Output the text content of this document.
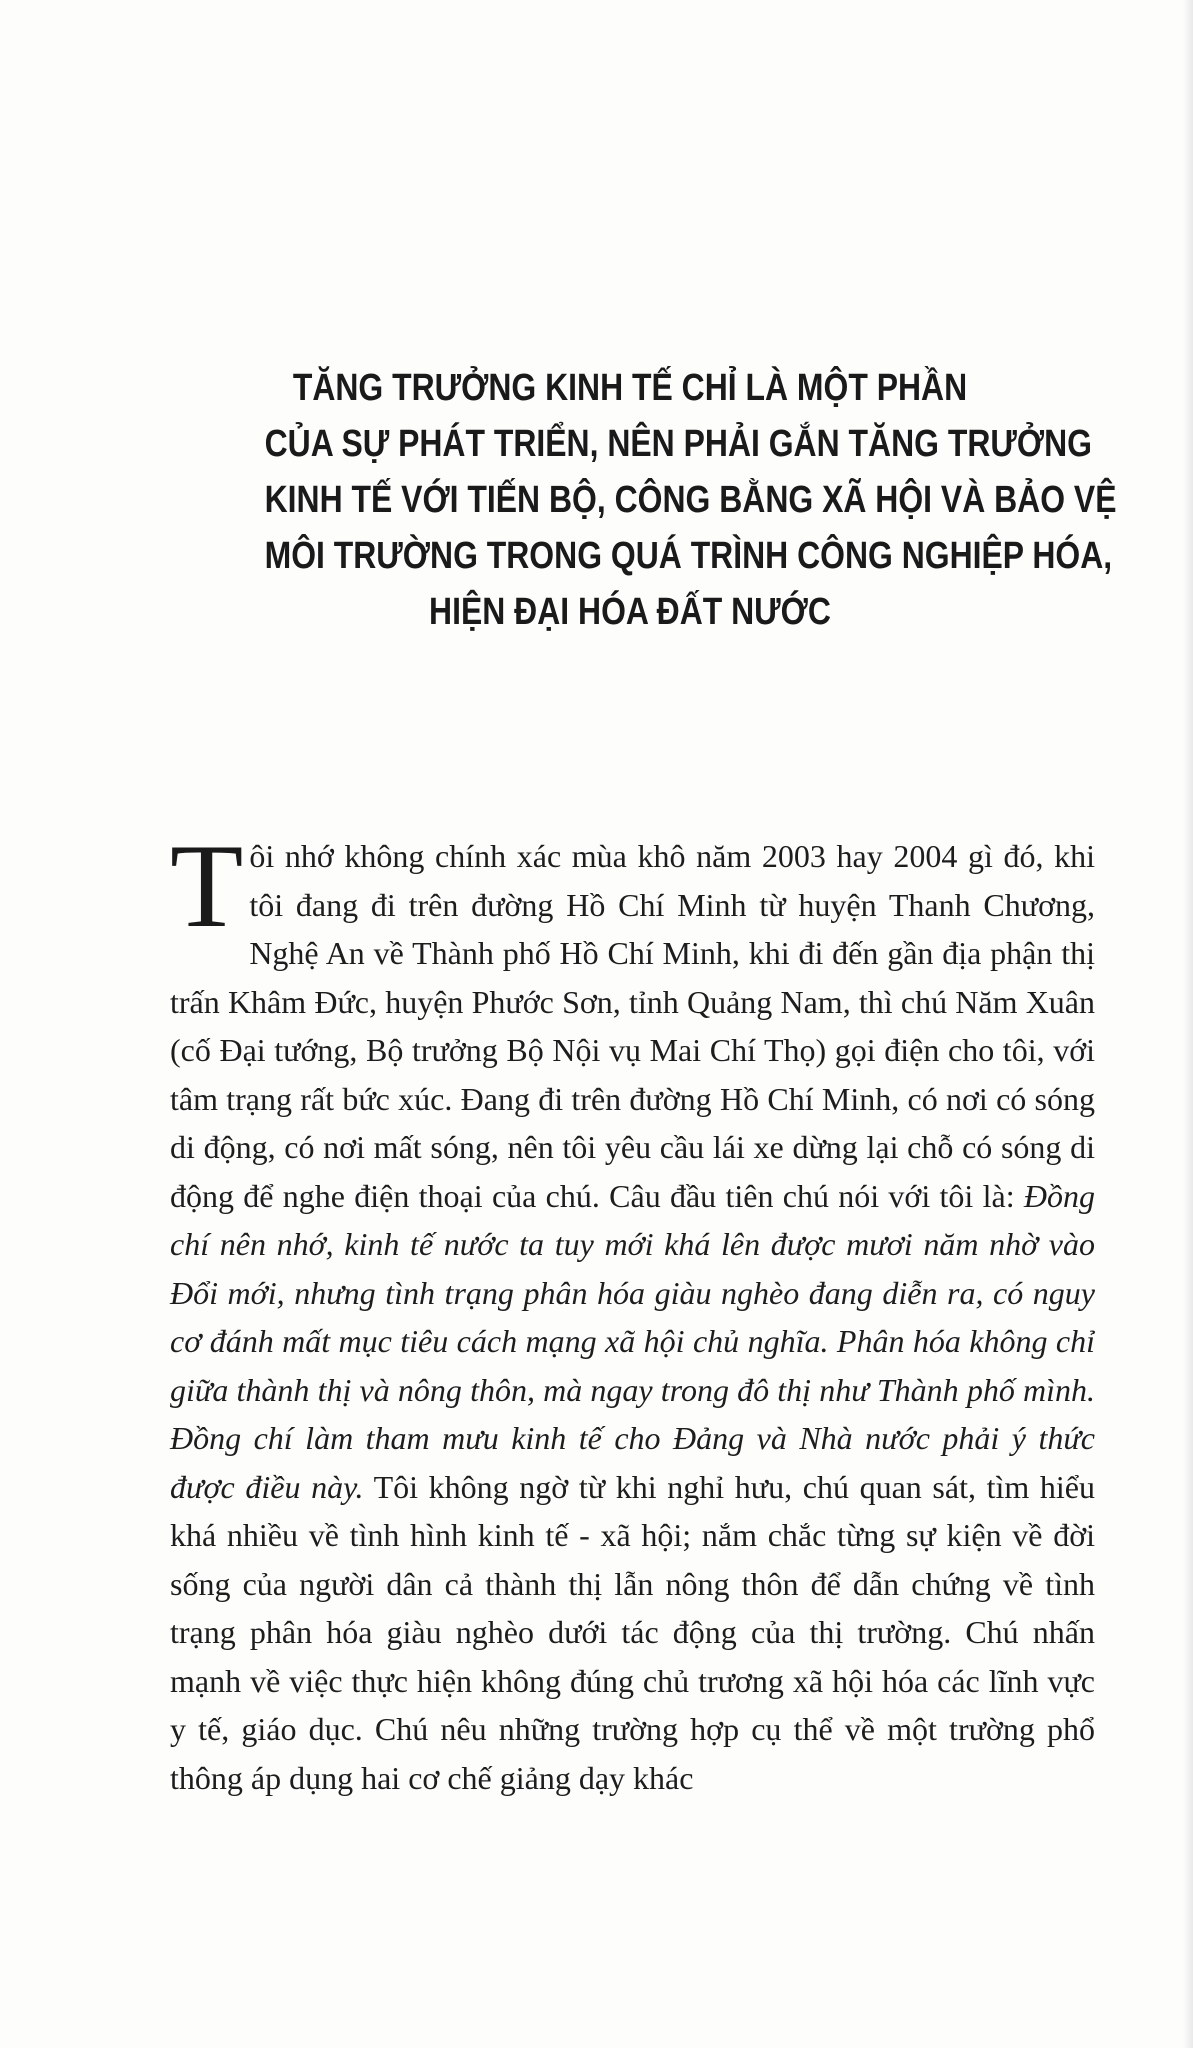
TĂNG TRƯỞNG KINH TẾ CHỈ LÀ MỘT PHẦN
CỦA SỰ PHÁT TRIỂN, NÊN PHẢI GẮN TĂNG TRƯỞNG
KINH TẾ VỚI TIẾN BỘ, CÔNG BẰNG XÃ HỘI VÀ BẢO VỆ
MÔI TRƯỜNG TRONG QUÁ TRÌNH CÔNG NGHIỆP HÓA,
HIỆN ĐẠI HÓA ĐẤT NƯỚC

Tôi nhớ không chính xác mùa khô năm 2003 hay 2004 gì đó, khi tôi đang đi trên đường Hồ Chí Minh từ huyện Thanh Chương, Nghệ An về Thành phố Hồ Chí Minh, khi đi đến gần địa phận thị trấn Khâm Đức, huyện Phước Sơn, tỉnh Quảng Nam, thì chú Năm Xuân (cố Đại tướng, Bộ trưởng Bộ Nội vụ Mai Chí Thọ) gọi điện cho tôi, với tâm trạng rất bức xúc. Đang đi trên đường Hồ Chí Minh, có nơi có sóng di động, có nơi mất sóng, nên tôi yêu cầu lái xe dừng lại chỗ có sóng di động để nghe điện thoại của chú. Câu đầu tiên chú nói với tôi là: Đồng chí nên nhớ, kinh tế nước ta tuy mới khá lên được mươi năm nhờ vào Đổi mới, nhưng tình trạng phân hóa giàu nghèo đang diễn ra, có nguy cơ đánh mất mục tiêu cách mạng xã hội chủ nghĩa. Phân hóa không chỉ giữa thành thị và nông thôn, mà ngay trong đô thị như Thành phố mình. Đồng chí làm tham mưu kinh tế cho Đảng và Nhà nước phải ý thức được điều này. Tôi không ngờ từ khi nghỉ hưu, chú quan sát, tìm hiểu khá nhiều về tình hình kinh tế - xã hội; nắm chắc từng sự kiện về đời sống của người dân cả thành thị lẫn nông thôn để dẫn chứng về tình trạng phân hóa giàu nghèo dưới tác động của thị trường. Chú nhấn mạnh về việc thực hiện không đúng chủ trương xã hội hóa các lĩnh vực y tế, giáo dục. Chú nêu những trường hợp cụ thể về một trường phổ thông áp dụng hai cơ chế giảng dạy khác
